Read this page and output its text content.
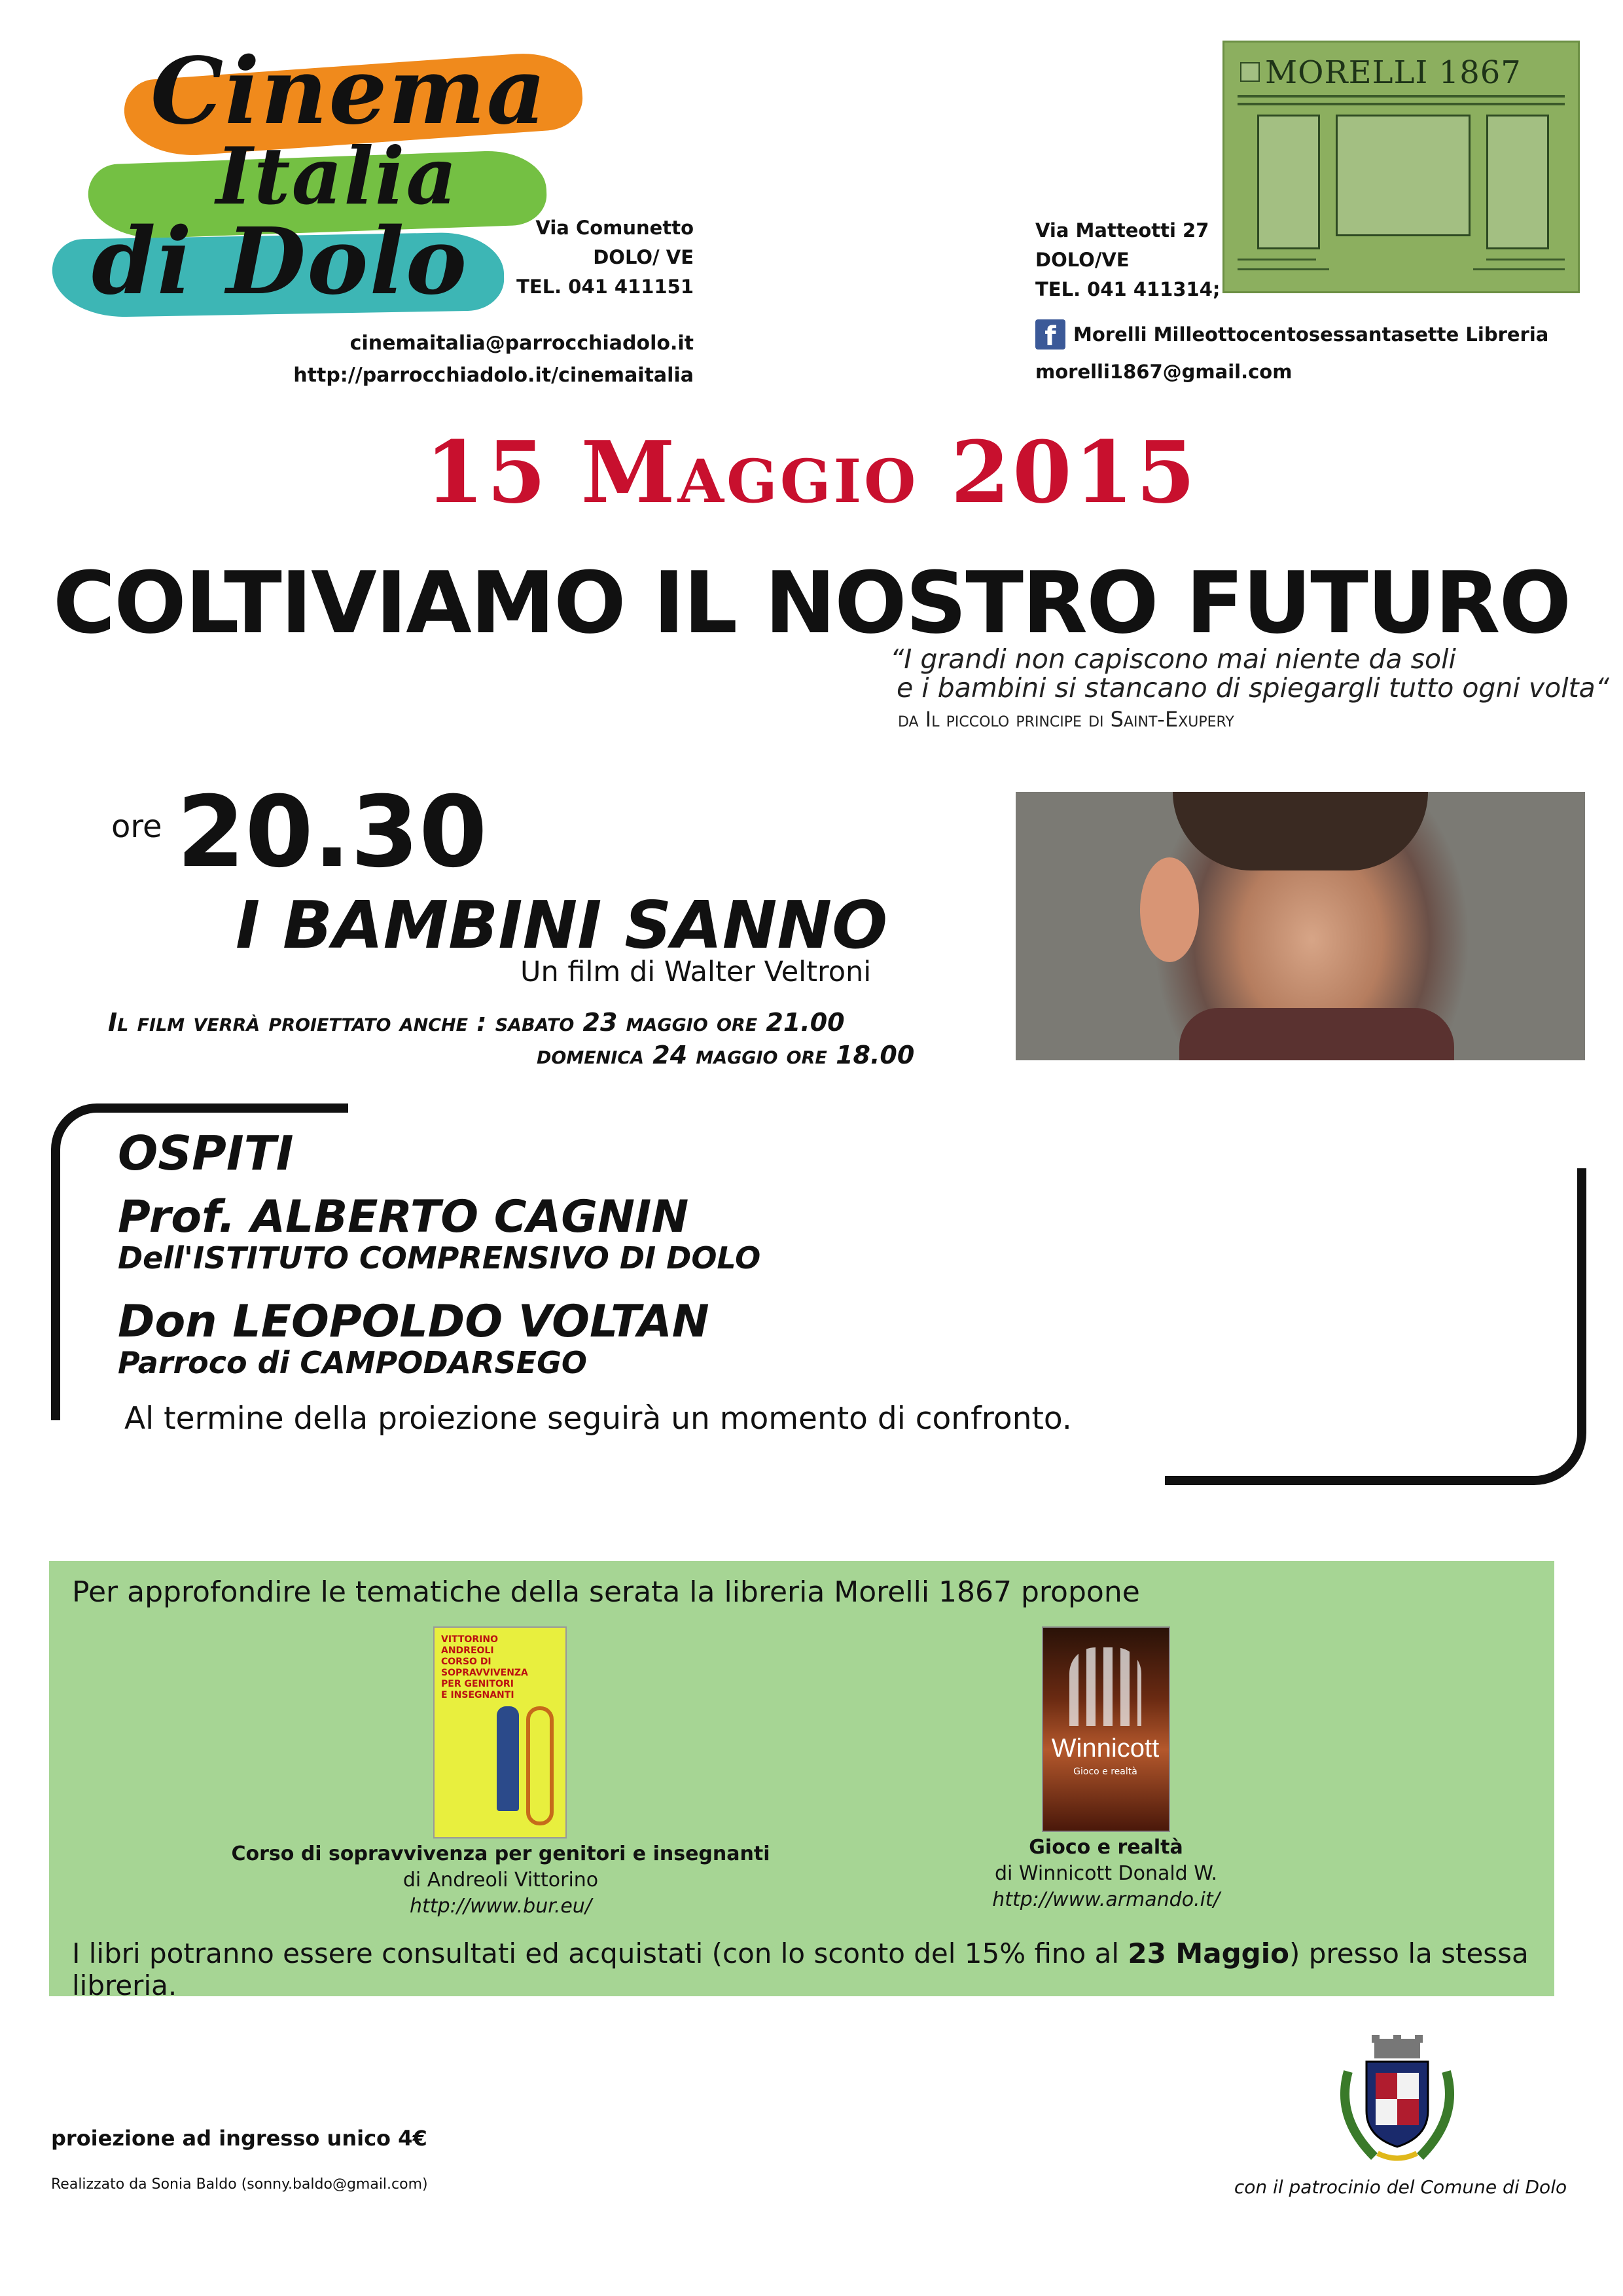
Cinema
Italia
di Dolo	Via Comunetto
DOLO/ VE
TEL. 041 411151
cinemaitalia@parrocchiadolo.it
http://parrocchiadolo.it/cinemaitalia
MORELLI 1867
Via Matteotti 27
DOLO/VE
TEL. 041 411314;
f Morelli Milleottocentosessantasette Libreria
morelli1867@gmail.com
15 Maggio 2015
COLTIVIAMO IL NOSTRO FUTURO
“I grandi non capiscono mai niente da soli
e i bambini si stancano di spiegargli tutto ogni volta“
da Il piccolo principe di Saint-Exupery
ore 20.30
I BAMBINI SANNO
Un film di Walter Veltroni
Il film verrà proiettato anche : sabato 23 maggio ore 21.00
domenica 24 maggio ore 18.00
OSPITI
Prof. ALBERTO CAGNIN
Dell'ISTITUTO COMPRENSIVO DI DOLO
Don LEOPOLDO VOLTAN
Parroco di CAMPODARSEGO
Al termine della proiezione seguirà un momento di confronto.
Per approfondire le tematiche della serata la libreria Morelli 1867 propone
VITTORINO ANDREOLI CORSO DI SOPRAVVIVENZA PER GENITORI E INSEGNANTI
Corso di sopravvivenza per genitori e insegnanti
di Andreoli Vittorino
http://www.bur.eu/
Winnicott
Gioco e realtà
Gioco e realtà
di Winnicott Donald W.
http://www.armando.it/
I libri potranno essere consultati ed acquistati (con lo sconto del 15% fino al 23 Maggio) presso la stessa libreria.
proiezione ad ingresso unico 4€
Realizzato da Sonia Baldo (sonny.baldo@gmail.com)	con il patrocinio del Comune di Dolo
